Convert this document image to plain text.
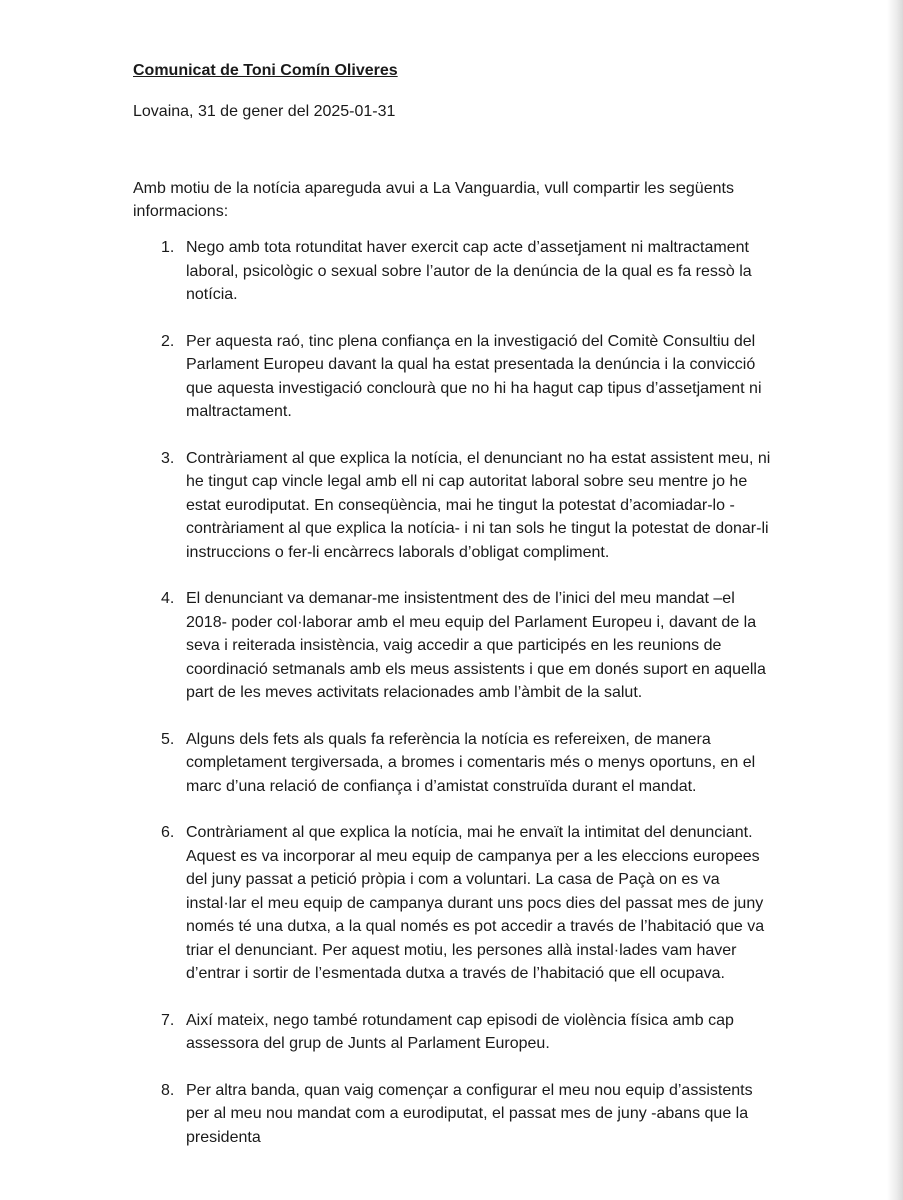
Comunicat de Toni Comín Oliveres
Lovaina, 31 de gener del 2025-01-31
Amb motiu de la notícia apareguda avui a La Vanguardia, vull compartir les següents informacions:
1. Nego amb tota rotunditat haver exercit cap acte d’assetjament ni maltractament laboral, psicològic o sexual sobre l’autor de la denúncia de la qual es fa ressò la notícia.
2. Per aquesta raó, tinc plena confiança en la investigació del Comitè Consultiu del Parlament Europeu davant la qual ha estat presentada la denúncia i la convicció que aquesta investigació conclourà que no hi ha hagut cap tipus d’assetjament ni maltractament.
3. Contràriament al que explica la notícia, el denunciant no ha estat assistent meu, ni he tingut cap vincle legal amb ell ni cap autoritat laboral sobre seu mentre jo he estat eurodiputat. En conseqüència, mai he tingut la potestat d’acomiadar-lo -contràriament al que explica la notícia- i ni tan sols he tingut la potestat de donar-li instruccions o fer-li encàrrecs laborals d’obligat compliment.
4. El denunciant va demanar-me insistentment des de l’inici del meu mandat –el 2018- poder col·laborar amb el meu equip del Parlament Europeu i, davant de la seva i reiterada insistència, vaig accedir a que participés en les reunions de coordinació setmanals amb els meus assistents i que em donés suport en aquella part de les meves activitats relacionades amb l’àmbit de la salut.
5. Alguns dels fets als quals fa referència la notícia es refereixen, de manera completament tergiversada, a bromes i comentaris més o menys oportuns, en el marc d’una relació de confiança i d’amistat construïda durant el mandat.
6. Contràriament al que explica la notícia, mai he envaït la intimitat del denunciant. Aquest es va incorporar al meu equip de campanya per a les eleccions europees del juny passat a petició pròpia i com a voluntari. La casa de Paçà on es va instal·lar el meu equip de campanya durant uns pocs dies del passat mes de juny només té una dutxa, a la qual només es pot accedir a través de l’habitació que va triar el denunciant. Per aquest motiu, les persones allà instal·lades vam haver d’entrar i sortir de l’esmentada dutxa a través de l’habitació que ell ocupava.
7. Així mateix, nego també rotundament cap episodi de violència física amb cap assessora del grup de Junts al Parlament Europeu.
8. Per altra banda, quan vaig començar a configurar el meu nou equip d’assistents per al meu nou mandat com a eurodiputat, el passat mes de juny -abans que la presidenta
